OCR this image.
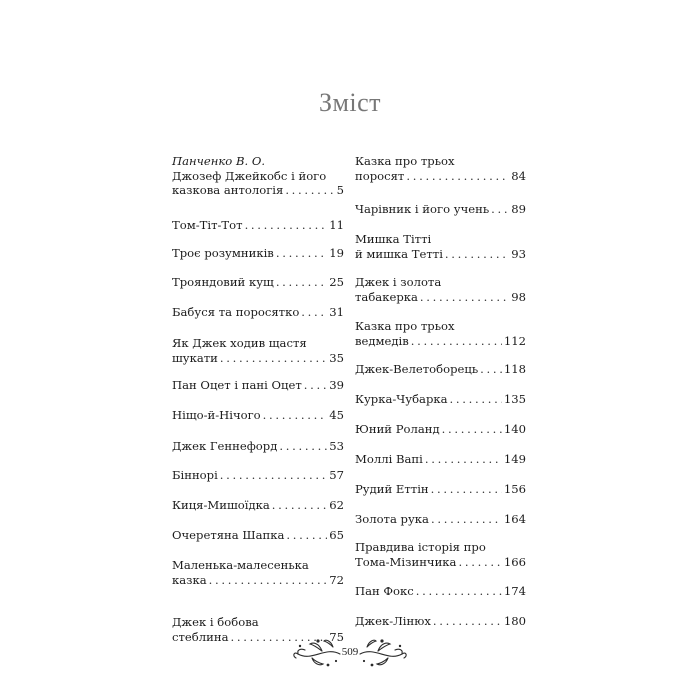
Зміст
Панченко В. О.
Джозеф Джейкобс і його
казкова антологія . . .	5
Том-Тіт-Тот . . .	11
Троє розумників . . .	19
Трояндовий кущ . . .	25
Бабуся та поросятко . . .	31
Як Джек ходив щастя
шукати . . .	35
Пан Оцет і пані Оцет . . . 39
Ніщо-й-Нічого . . .	45
Джек Геннефорд . . .	53
Біннорі . . .	57
Киця-Мишоїдка . . .	62
Очеретяна Шапка . . .	65
Маленька-малесенька
казка . . .	72
Джек і бобова
стеблина . . .	75
Казка про трьох
поросят . . .	84
Чарівник і його учень . . . 89
Мишка Тітті
й мишка Тетті . . .	93
Джек і золота
табакерка . . .	98
Казка про трьох
ведмедів . . .	112
Джек-Велетоборець . . . 118
Курка-Чубарка . . .	135
Юний Роланд . . .	140
Моллі Вапі . . .	149
Рудий Еттін . . .	156
Золота рука . . .	164
Правдива історія про
Тома-Мізинчика . . .	166
Пан Фокс . . .	174
Джек-Лінюх . . .	180
509
